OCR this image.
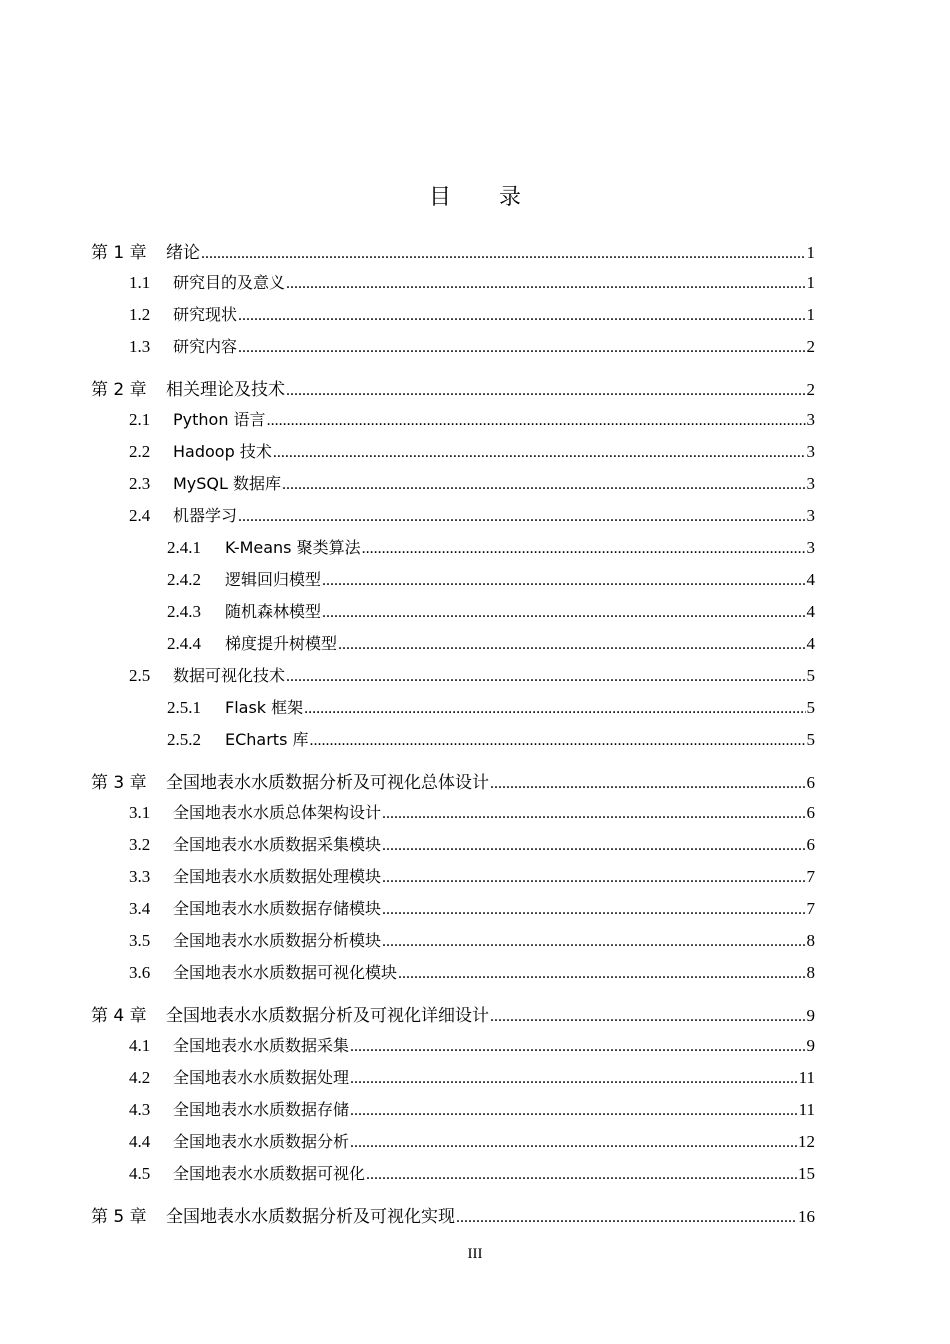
目 录
第 1 章	绪论 .....	1
1.1	研究目的及意义 .....	1
1.2	研究现状 .....	1
1.3	研究内容 .....	2
第 2 章	相关理论及技术 .....	2
2.1	Python 语言 .....	3
2.2	Hadoop 技术 .....	3
2.3	MySQL 数据库 .....	3
2.4	机器学习 .....	3
2.4.1	K-Means 聚类算法 .....	3
2.4.2	逻辑回归模型 .....	4
2.4.3	随机森林模型 .....	4
2.4.4	梯度提升树模型 .....	4
2.5	数据可视化技术 .....	5
2.5.1	Flask 框架 .....	5
2.5.2	ECharts 库 .....	5
第 3 章	全国地表水水质数据分析及可视化总体设计 .....	6
3.1	全国地表水水质总体架构设计 .....	6
3.2	全国地表水水质数据采集模块 .....	6
3.3	全国地表水水质数据处理模块 .....	7
3.4	全国地表水水质数据存储模块 .....	7
3.5	全国地表水水质数据分析模块 .....	8
3.6	全国地表水水质数据可视化模块 .....	8
第 4 章	全国地表水水质数据分析及可视化详细设计 .....	9
4.1	全国地表水水质数据采集 .....	9
4.2	全国地表水水质数据处理 .....	11
4.3	全国地表水水质数据存储 .....	11
4.4	全国地表水水质数据分析 .....	12
4.5	全国地表水水质数据可视化 .....	15
第 5 章	全国地表水水质数据分析及可视化实现 .....	16
III
